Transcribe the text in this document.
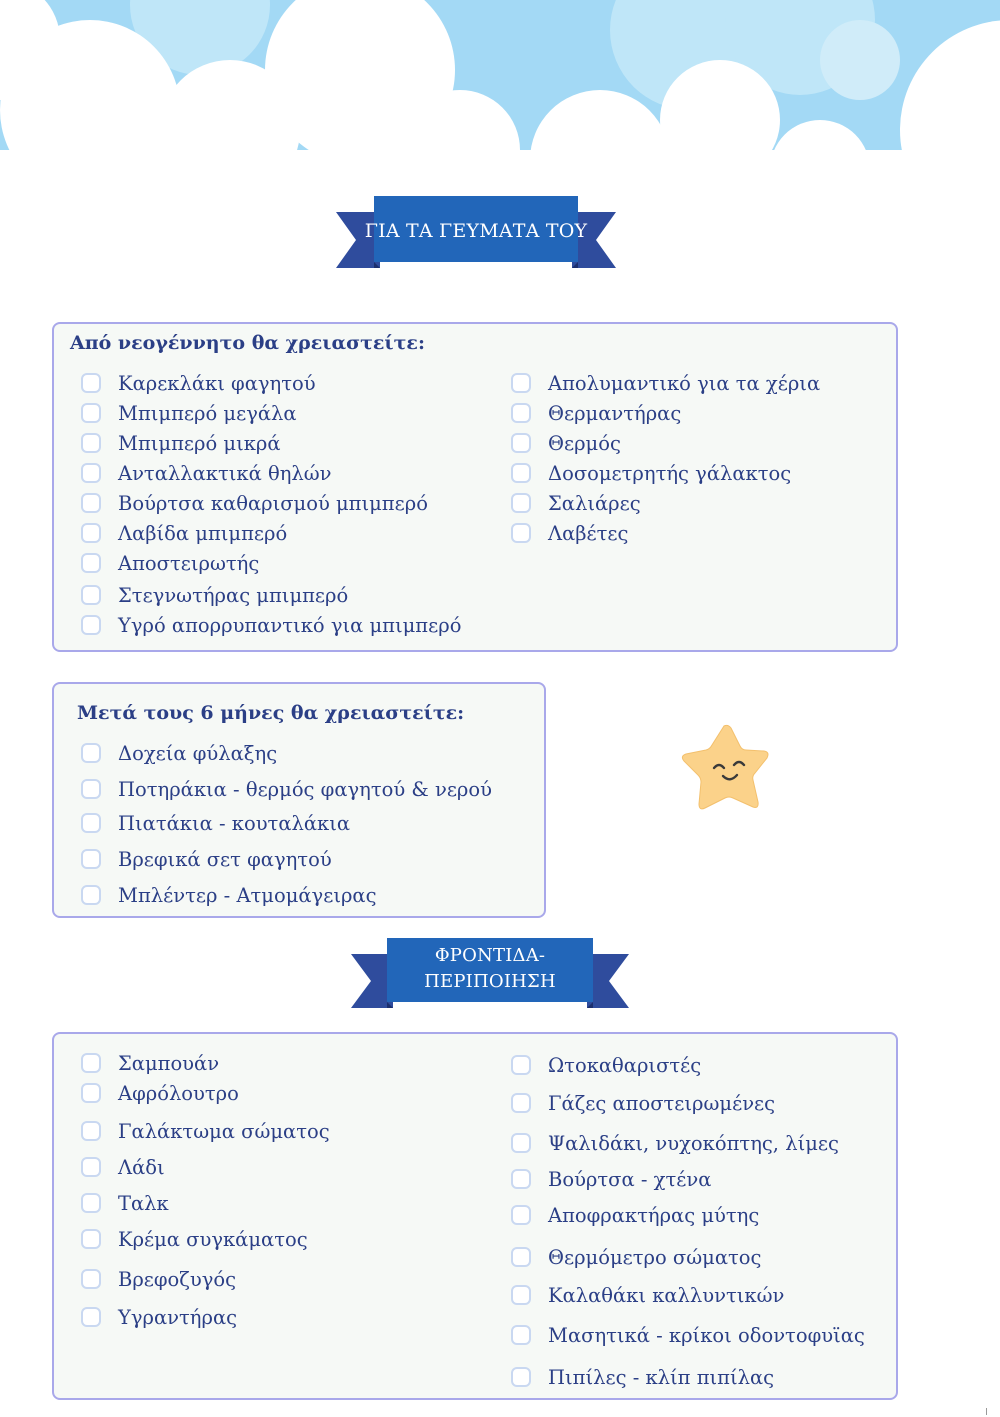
ΓΙΑ ΤΑ ΓΕΥΜΑΤΑ ΤΟΥ
Από νεογέννητο θα χρειαστείτε:
Καρεκλάκι φαγητού
Μπιμπερό μεγάλα
Μπιμπερό μικρά
Ανταλλακτικά θηλών
Βούρτσα καθαρισμού μπιμπερό
Λαβίδα μπιμπερό
Αποστειρωτής
Στεγνωτήρας μπιμπερό
Υγρό απορρυπαντικό για μπιμπερό
Απολυμαντικό για τα χέρια
Θερμαντήρας
Θερμός
Δοσομετρητής γάλακτος
Σαλιάρες
Λαβέτες
Μετά τους 6 μήνες θα χρειαστείτε:
Δοχεία φύλαξης
Ποτηράκια - θερμός φαγητού & νερού
Πιατάκια - κουταλάκια
Βρεφικά σετ φαγητού
Μπλέντερ - Ατμομάγειρας
ΦΡΟΝΤΙΔΑ-
ΠΕΡΙΠΟΙΗΣΗ
Σαμπουάν
Αφρόλουτρο
Γαλάκτωμα σώματος
Λάδι
Ταλκ
Κρέμα συγκάματος
Βρεφοζυγός
Υγραντήρας
Ωτοκαθαριστές
Γάζες αποστειρωμένες
Ψαλιδάκι, νυχοκόπτης, λίμες
Βούρτσα - χτένα
Αποφρακτήρας μύτης
Θερμόμετρο σώματος
Καλαθάκι καλλυντικών
Μασητικά - κρίκοι οδοντοφυϊας
Πιπίλες - κλίπ πιπίλας
